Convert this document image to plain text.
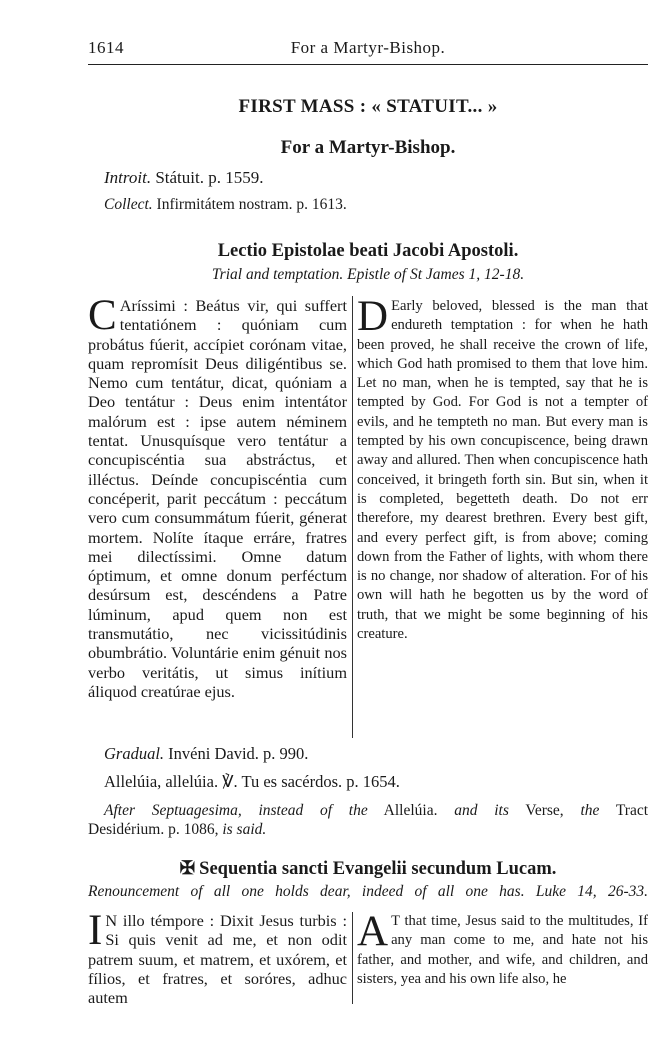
1614	For a Martyr-Bishop.
FIRST MASS : « STATUIT... »
For a Martyr-Bishop.
Introit. Státuit. p. 1559.
Collect. Infirmitátem nostram. p. 1613.
Lectio Epistolae beati Jacobi Apostoli.
Trial and temptation. Epistle of St James 1, 12-18.
C Aríssimi : Beátus vir, qui suffert tentatiónem : quóniam cum probátus fúerit, accípiet corónam vitae, quam repromísit Deus diligéntibus se. Nemo cum tentátur, dicat, quóniam a Deo tentátur : Deus enim intentátor malórum est : ipse autem néminem tentat. Unusquísque vero tentátur a concupiscéntia sua abstráctus, et illéctus. Deínde concupiscéntia cum concéperit, parit peccátum : peccátum vero cum consummátum fúerit, génerat mortem. Nolíte ítaque erráre, fratres mei dilectíssimi. Omne datum óptimum, et omne donum perféctum desúrsum est, descéndens a Patre lúminum, apud quem non est transmutátio, nec vicissitúdinis obumbrátio. Voluntárie enim génuit nos verbo veritátis, ut simus inítium áliquod creatúrae ejus.
D Early beloved, blessed is the man that endureth temptation : for when he hath been proved, he shall receive the crown of life, which God hath promised to them that love him. Let no man, when he is tempted, say that he is tempted by God. For God is not a tempter of evils, and he tempteth no man. But every man is tempted by his own concupiscence, being drawn away and allured. Then when concupiscence hath conceived, it bringeth forth sin. But sin, when it is completed, begetteth death. Do not err therefore, my dearest brethren. Every best gift, and every perfect gift, is from above; coming down from the Father of lights, with whom there is no change, nor shadow of alteration. For of his own will hath he begotten us by the word of truth, that we might be some beginning of his creature.
Gradual. Invéni David. p. 990.
Allelúia, allelúia. ℣. Tu es sacérdos. p. 1654.
After Septuagesima, instead of the Allelúia. and its Verse, the Tract
Desidérium. p. 1086, is said.
✠ Sequentia sancti Evangelii secundum Lucam.
Renouncement of all one holds dear, indeed of all one has. Luke 14, 26-33.
I N illo témpore : Dixit Jesus turbis : Si quis venit ad me, et non odit patrem suum, et matrem, et uxórem, et fílios, et fratres, et soróres, adhuc autem
A T that time, Jesus said to the multitudes, If any man come to me, and hate not his father, and mother, and wife, and children, and sisters, yea and his own life also, he
